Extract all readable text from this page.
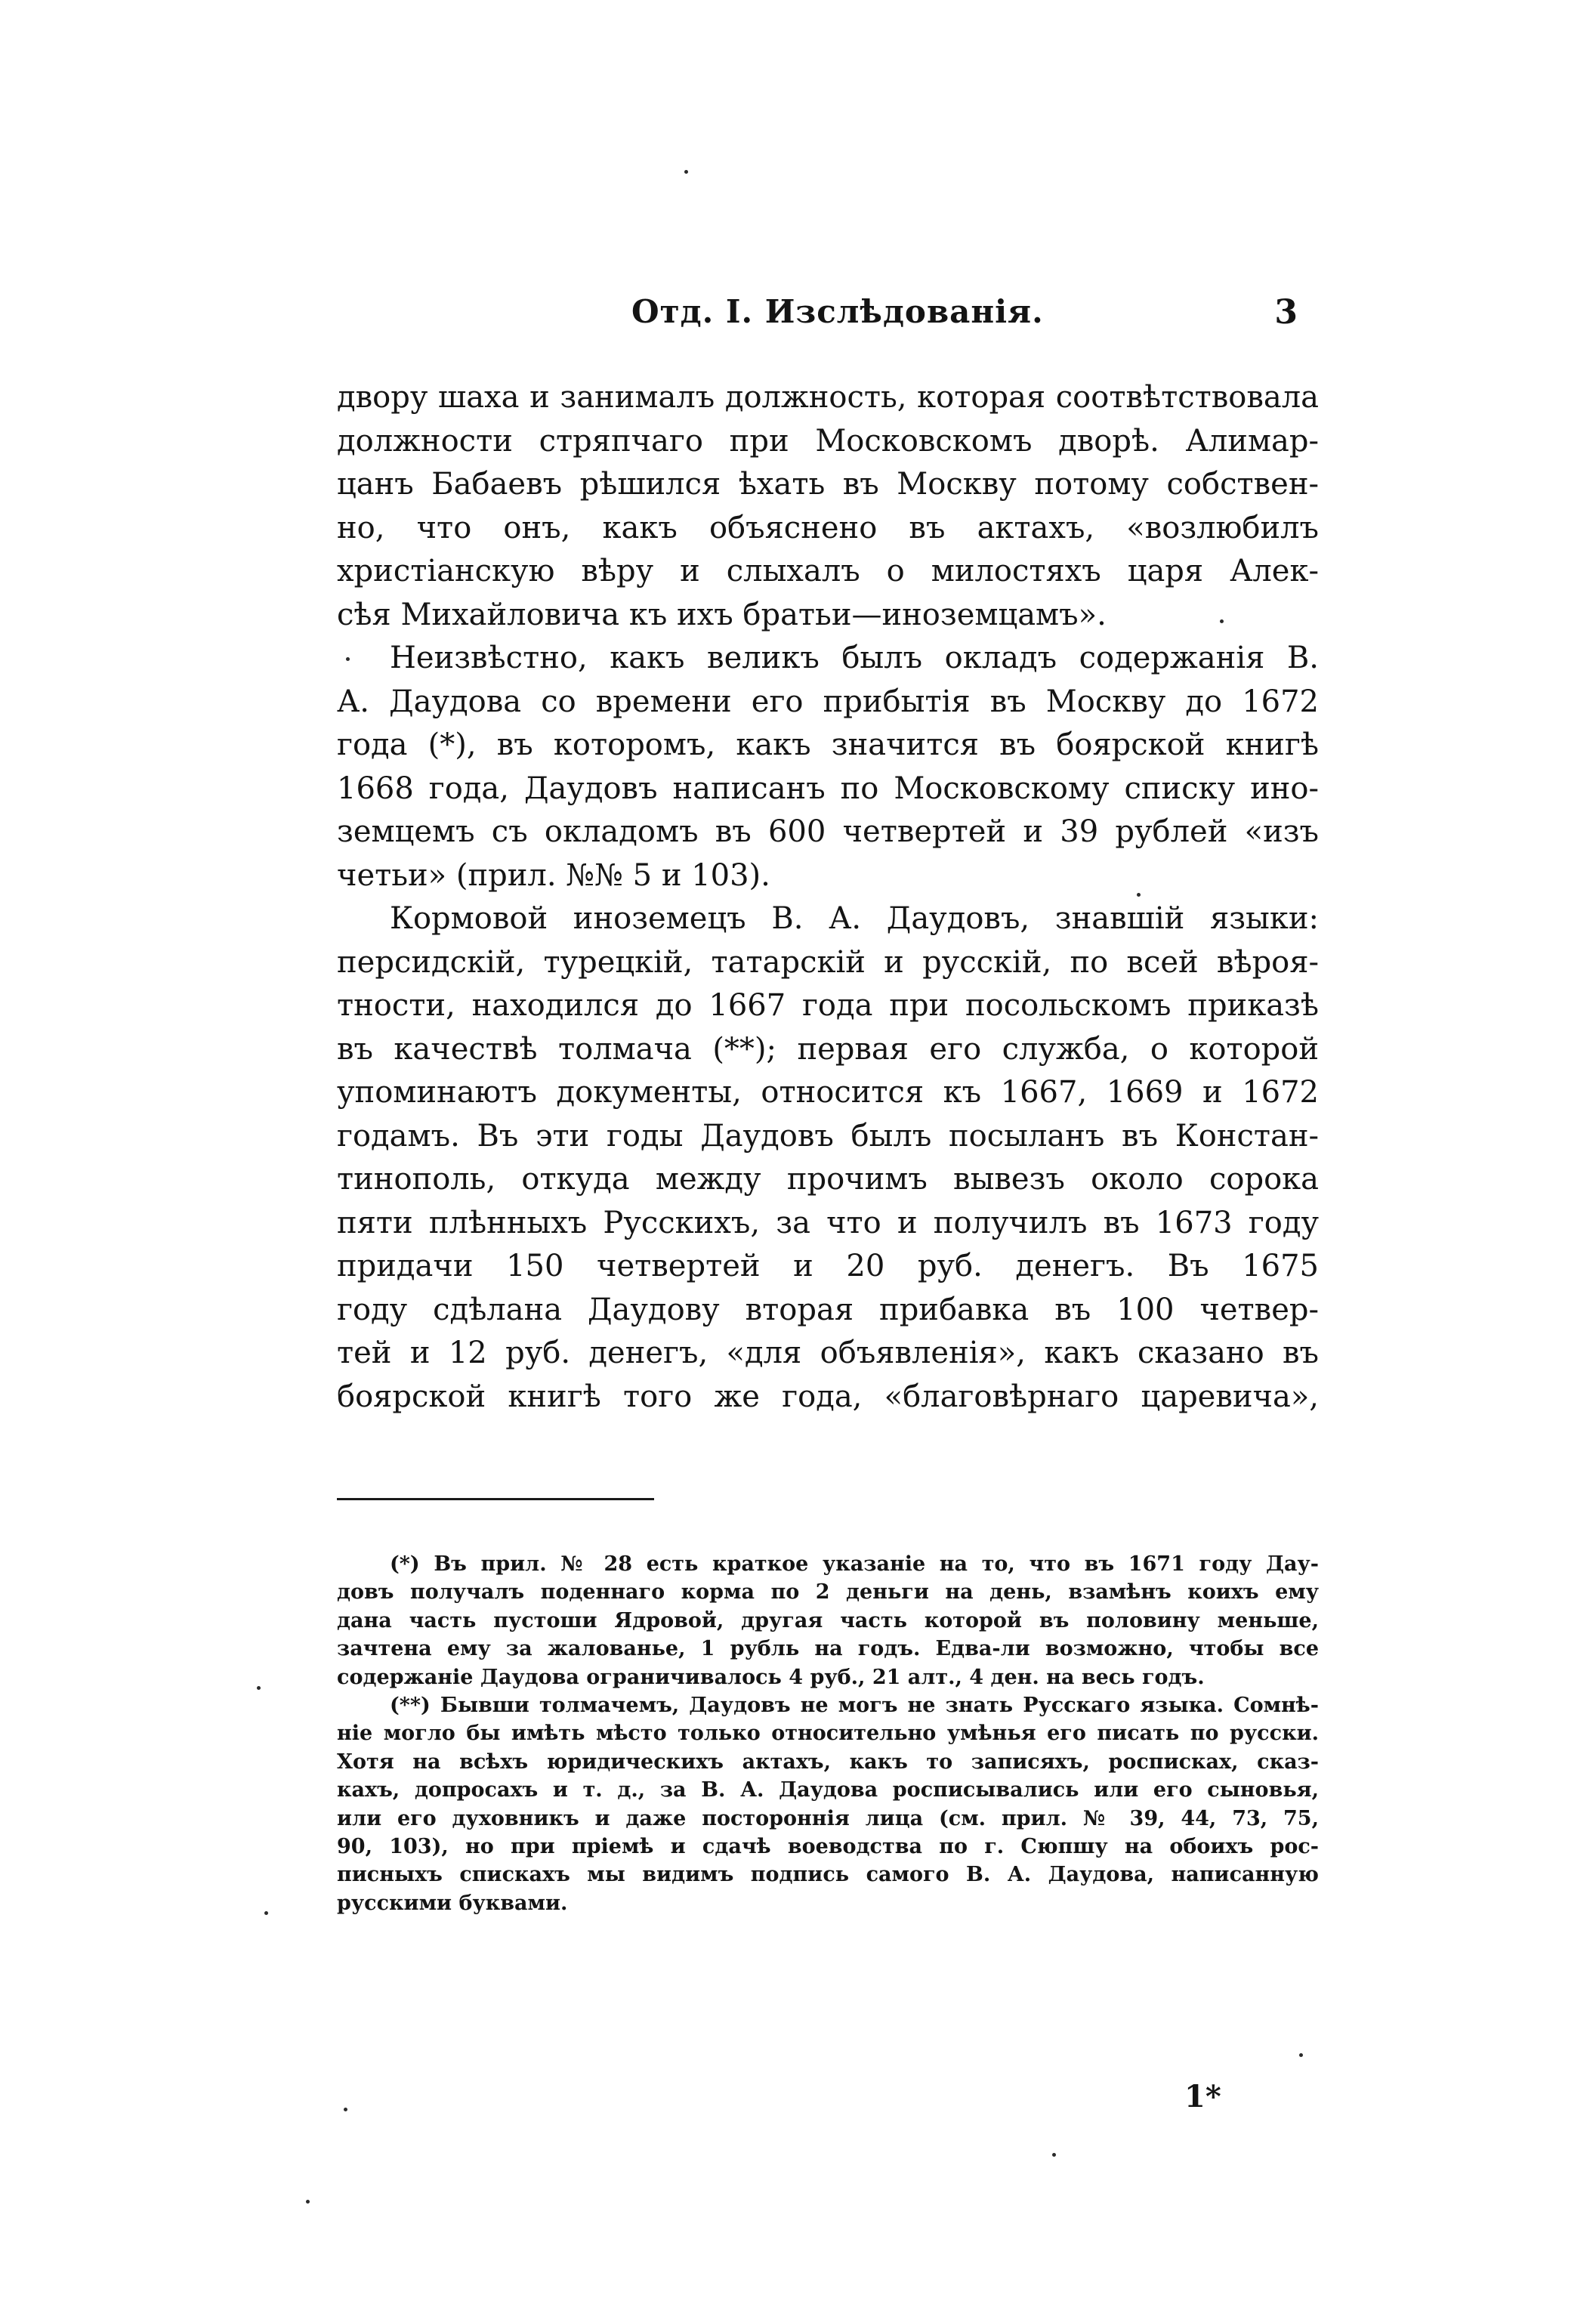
Отд. I. Изслѣдованія.	3
двору шаха и занималъ должность, которая соотвѣтствовала
должности стряпчаго при Московскомъ дворѣ. Алимар-
цанъ Бабаевъ рѣшился ѣхать въ Москву потому собствен-
но, что онъ, какъ объяснено въ актахъ, «возлюбилъ
христіанскую вѣру и слыхалъ о милостяхъ царя Алек-
сѣя Михайловича къ ихъ братьи—иноземцамъ».
Неизвѣстно, какъ великъ былъ окладъ содержанія В.
А. Даудова со времени его прибытія въ Москву до 1672
года (*), въ которомъ, какъ значится въ боярской книгѣ
1668 года, Даудовъ написанъ по Московскому списку ино-
земцемъ съ окладомъ въ 600 четвертей и 39 рублей «изъ
четьи» (прил. №№ 5 и 103).
Кормовой иноземецъ В. А. Даудовъ, знавшій языки:
персидскій, турецкій, татарскій и русскій, по всей вѣроя-
тности, находился до 1667 года при посольскомъ приказѣ
въ качествѣ толмача (**); первая его служба, о которой
упоминаютъ документы, относится къ 1667, 1669 и 1672
годамъ. Въ эти годы Даудовъ былъ посыланъ въ Констан-
тинополь, откуда между прочимъ вывезъ около сорока
пяти плѣнныхъ Русскихъ, за что и получилъ въ 1673 году
придачи 150 четвертей и 20 руб. денегъ. Въ 1675
году сдѣлана Даудову вторая прибавка въ 100 четвер-
тей и 12 руб. денегъ, «для объявленія», какъ сказано въ
боярской книгѣ того же года, «благовѣрнаго царевича»,
(*) Въ прил. № 28 есть краткое указаніе на то, что въ 1671 году Дау-
довъ получалъ поденнаго корма по 2 деньги на день, взамѣнъ коихъ ему
дана часть пустоши Ядровой, другая часть которой въ половину меньше,
зачтена ему за жалованье, 1 рубль на годъ. Едва-ли возможно, чтобы все
содержаніе Даудова ограничивалось 4 руб., 21 алт., 4 ден. на весь годъ.
(**) Бывши толмачемъ, Даудовъ не могъ не знать Русскаго языка. Сомнѣ-
ніе могло бы имѣть мѣсто только относительно умѣнья его писать по русски.
Хотя на всѣхъ юридическихъ актахъ, какъ то записяхъ, росписках, сказ-
кахъ, допросахъ и т. д., за В. А. Даудова росписывались или его сыновья,
или его духовникъ и даже постороннія лица (см. прил. № 39, 44, 73, 75,
90, 103), но при пріемѣ и сдачѣ воеводства по г. Сюпшу на обоихъ рос-
писныхъ спискахъ мы видимъ подпись самого В. А. Даудова, написанную
русскими буквами.
1*
